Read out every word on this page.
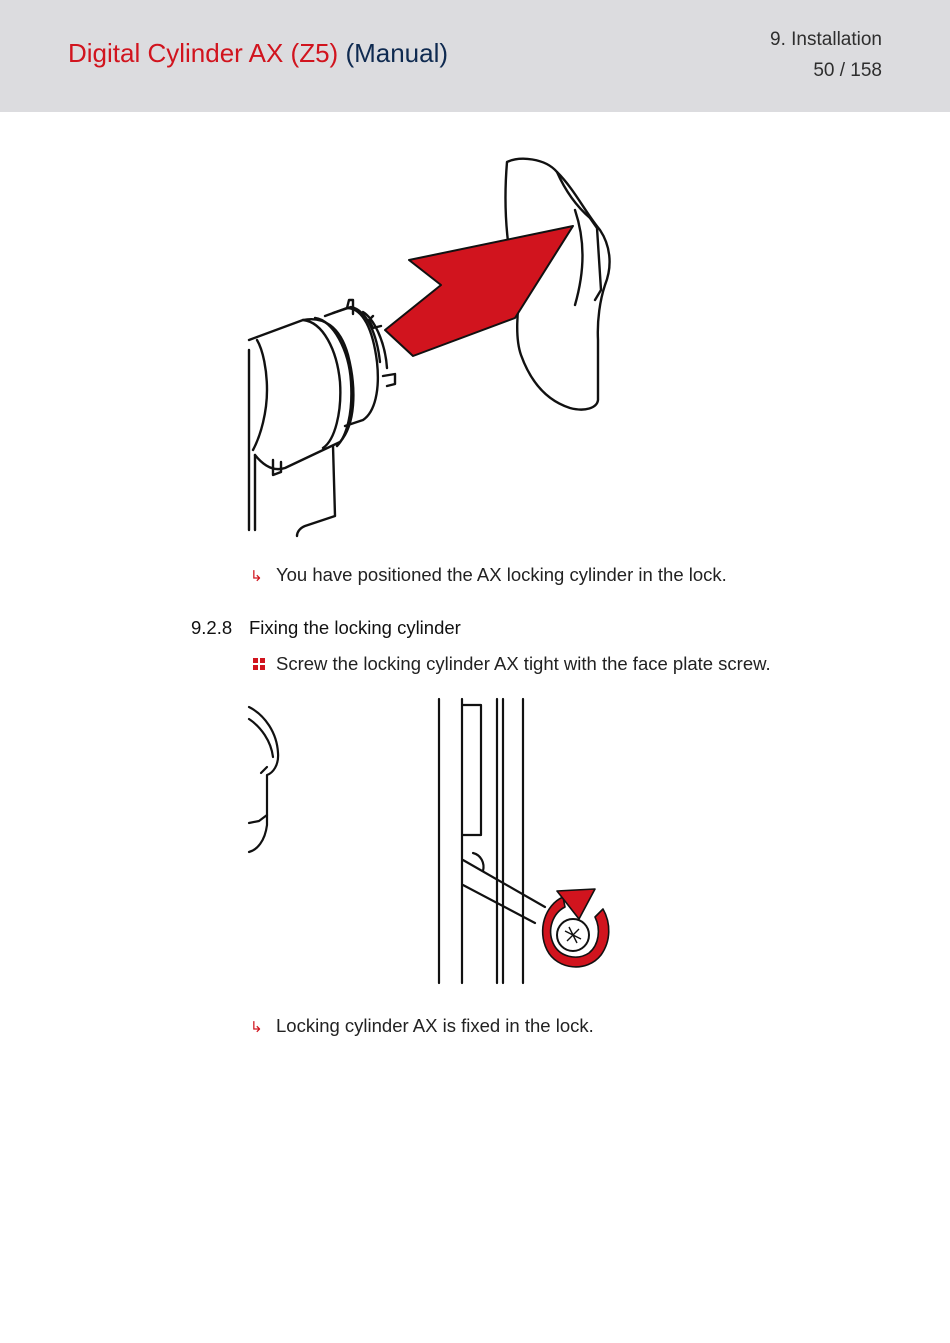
Digital Cylinder AX (Z5) (Manual)	9. Installation
50 / 158
↳ You have positioned the AX locking cylinder in the lock.
9.2.8 Fixing the locking cylinder
Screw the locking cylinder AX tight with the face plate screw.
↳ Locking cylinder AX is fixed in the lock.
